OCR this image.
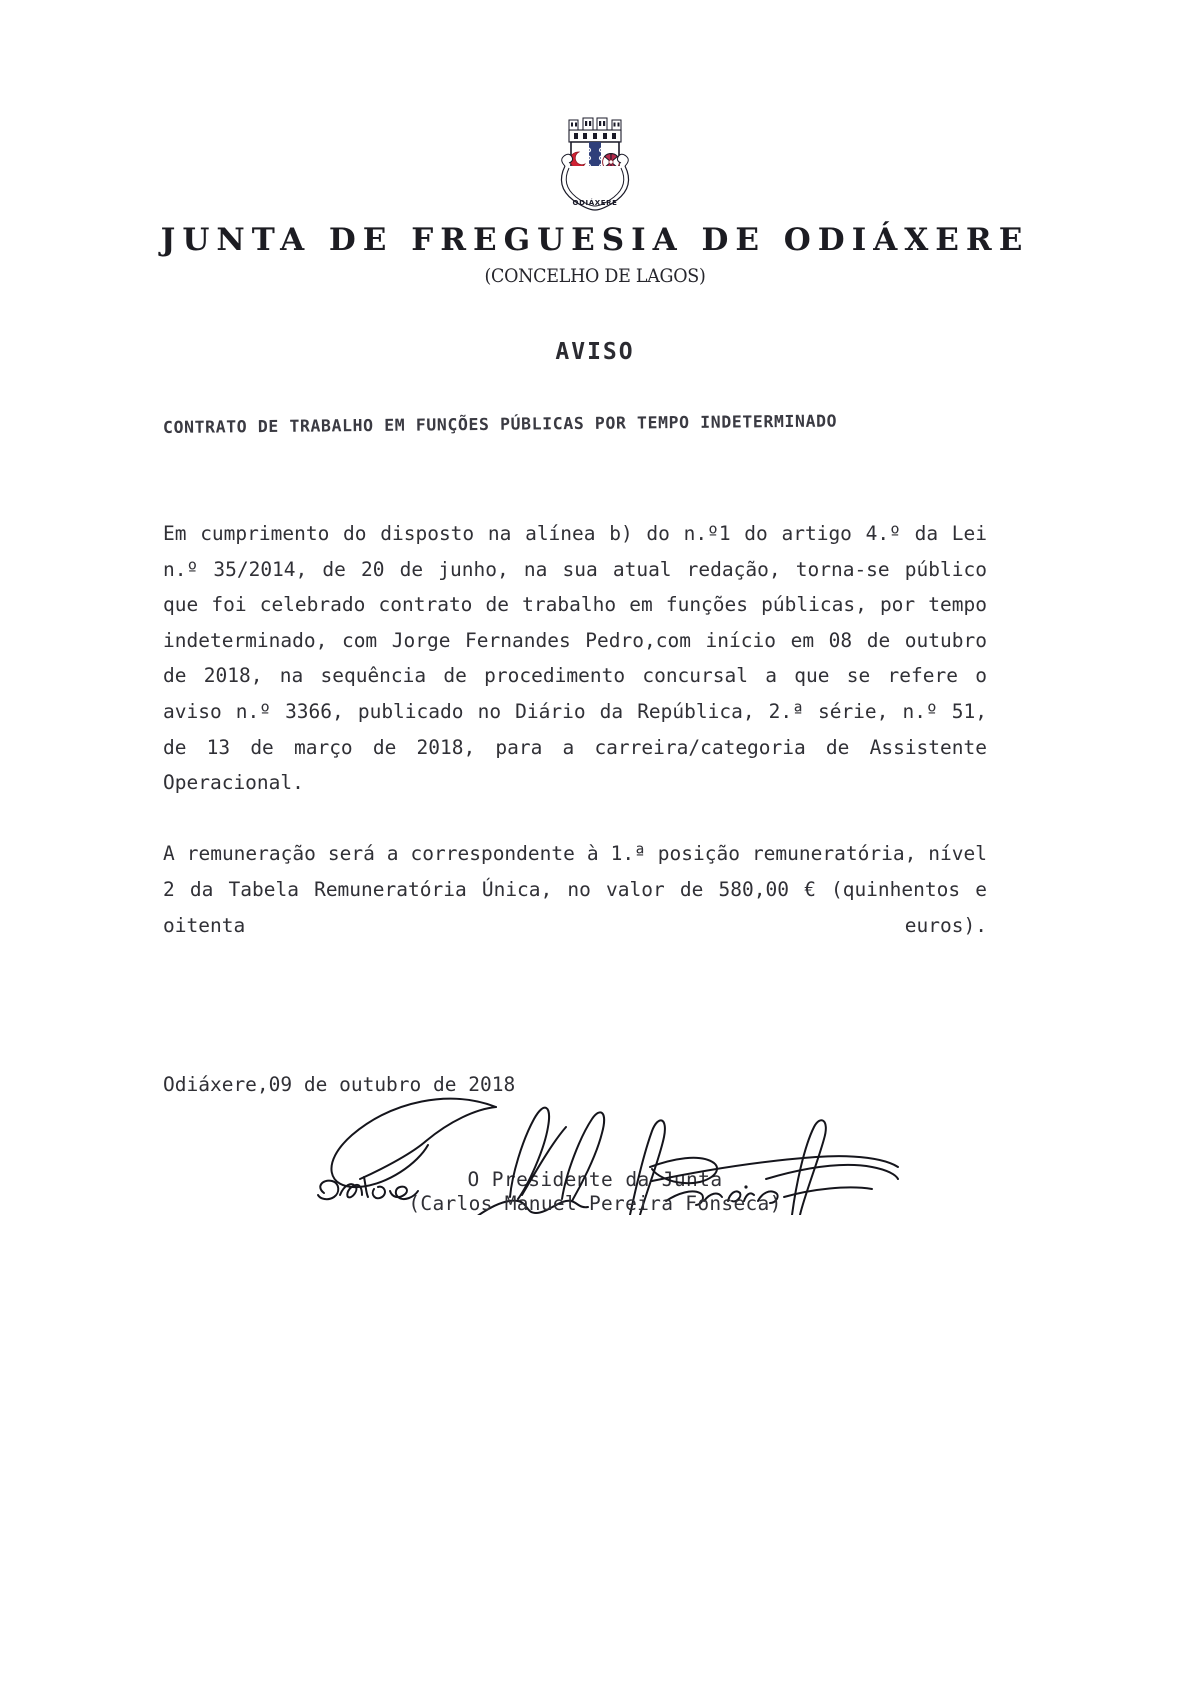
ODIÁXERE
JUNTA DE FREGUESIA DE ODIÁXERE
(CONCELHO DE LAGOS)
AVISO
CONTRATO DE TRABALHO EM FUNÇÕES PÚBLICAS POR TEMPO INDETERMINADO

Em cumprimento do disposto na alínea b) do n.º1 do artigo 4.º da Lei n.º 35/2014, de 20 de junho, na sua atual redação, torna-se público que foi celebrado contrato de trabalho em funções públicas, por tempo indeterminado, com Jorge Fernandes Pedro,com início em 08 de outubro de 2018, na sequência de procedimento concursal a que se refere o aviso n.º 3366, publicado no Diário da República, 2.ª série, n.º 51, de 13 de março de 2018, para a carreira/categoria de Assistente Operacional.

A remuneração será a correspondente à 1.ª posição remuneratória, nível 2 da Tabela Remuneratória Única, no valor de 580,00 € (quinhentos e oitenta euros).

Odiáxere,09 de outubro de 2018
O Presidente da Junta
(Carlos Manuel Pereira Fonseca)
